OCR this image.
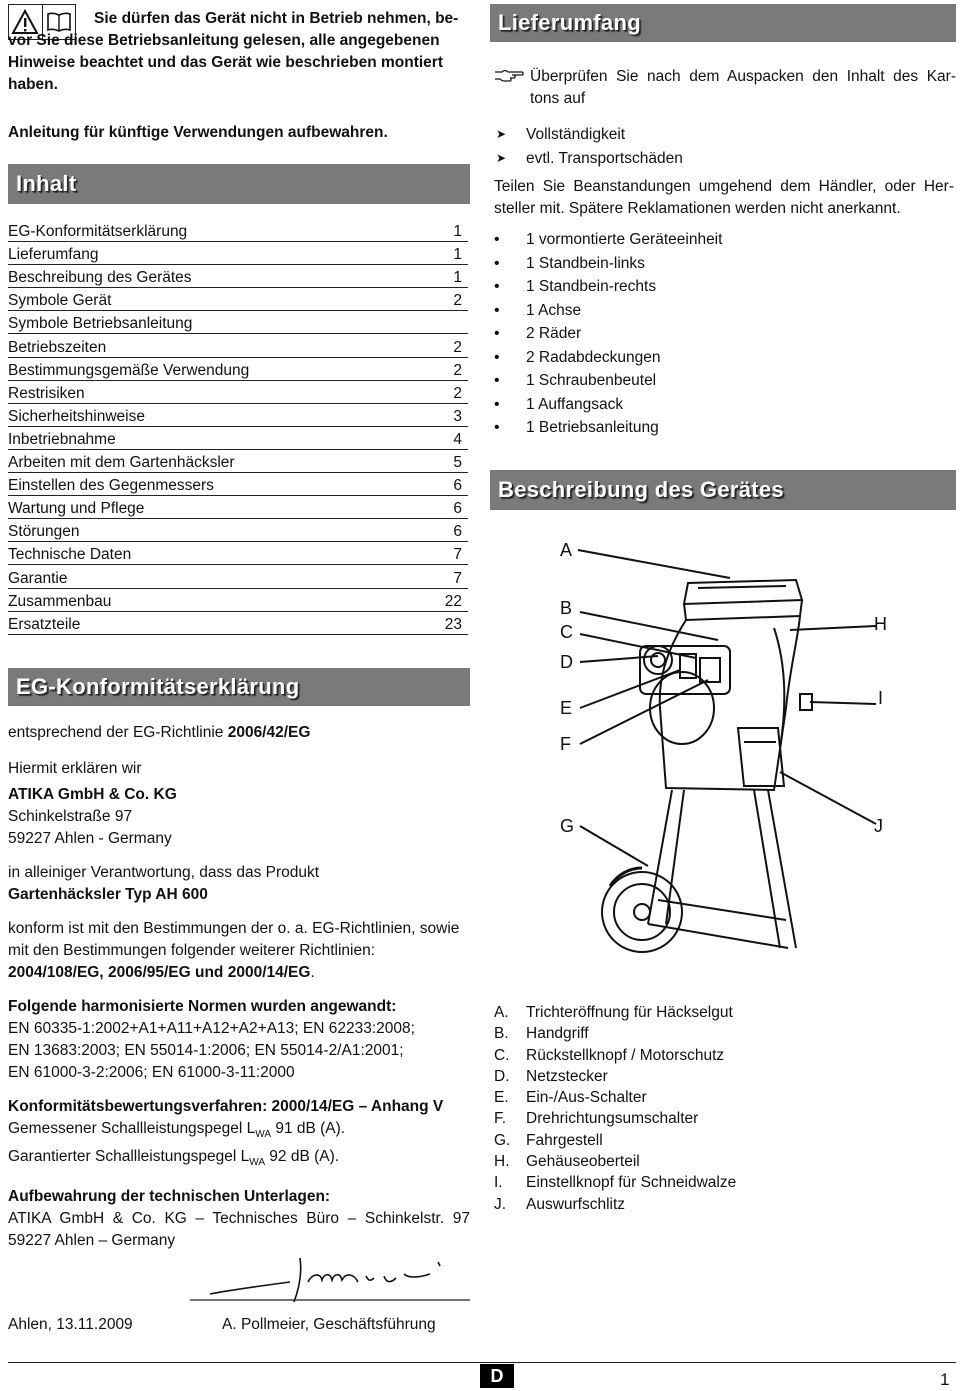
Sie dürfen das Gerät nicht in Betrieb nehmen, be-
vor Sie diese Betriebsanleitung gelesen, alle angegebenen
Hinweise beachtet und das Gerät wie beschrieben montiert
haben.
Anleitung für künftige Verwendungen aufbewahren.
Inhalt
EG-Konformitätserklärung	1
Lieferumfang	1
Beschreibung des Gerätes	1
Symbole Gerät	2
Symbole Betriebsanleitung
Betriebszeiten	2
Bestimmungsgemäße Verwendung	2
Restrisiken	2
Sicherheitshinweise	3
Inbetriebnahme	4
Arbeiten mit dem Gartenhäcksler	5
Einstellen des Gegenmessers	6
Wartung und Pflege	6
Störungen	6
Technische Daten	7
Garantie	7
Zusammenbau	22
Ersatzteile	23
EG-Konformitätserklärung
entsprechend der EG-Richtlinie 2006/42/EG
Hiermit erklären wir
ATIKA GmbH & Co. KG
Schinkelstraße 97
59227 Ahlen - Germany
in alleiniger Verantwortung, dass das Produkt
Gartenhäcksler Typ AH 600
konform ist mit den Bestimmungen der o. a. EG-Richtlinien, sowie
mit den Bestimmungen folgender weiterer Richtlinien:
2004/108/EG, 2006/95/EG und 2000/14/EG.
Folgende harmonisierte Normen wurden angewandt:
EN 60335-1:2002+A1+A11+A12+A2+A13; EN 62233:2008;
EN 13683:2003; EN 55014-1:2006; EN 55014-2/A1:2001;
EN 61000-3-2:2006; EN 61000-3-11:2000
Konformitätsbewertungsverfahren: 2000/14/EG – Anhang V
Gemessener Schallleistungspegel $L_{WA}$ 91 dB (A).
Garantierter Schallleistungspegel $L_{WA}$ 92 dB (A).
Aufbewahrung der technischen Unterlagen:
ATIKA GmbH & Co. KG – Technisches Büro – Schinkelstr. 97
59227 Ahlen – Germany
Ahlen, 13.11.2009	A. Pollmeier, Geschäftsführung
Lieferumfang
Überprüfen Sie nach dem Auspacken den Inhalt des Kar-
tons auf
➤ Vollständigkeit
➤ evtl. Transportschäden
Teilen Sie Beanstandungen umgehend dem Händler, oder Her-
steller mit. Spätere Reklamationen werden nicht anerkannt.
• 1 vormontierte Geräteeinheit
• 1 Standbein-links
• 1 Standbein-rechts
• 1 Achse
• 2 Räder
• 2 Radabdeckungen
• 1 Schraubenbeutel
• 1 Auffangsack
• 1 Betriebsanleitung
Beschreibung des Gerätes
A
B
C
D
E
F
G
H
I
J
A.	Trichteröffnung für Häckselgut
B.	Handgriff
C.	Rückstellknopf / Motorschutz
D.	Netzstecker
E.	Ein-/Aus-Schalter
F.	Drehrichtungsumschalter
G.	Fahrgestell
H.	Gehäuseoberteil
I.	Einstellknopf für Schneidwalze
J.	Auswurfschlitz
D	1
